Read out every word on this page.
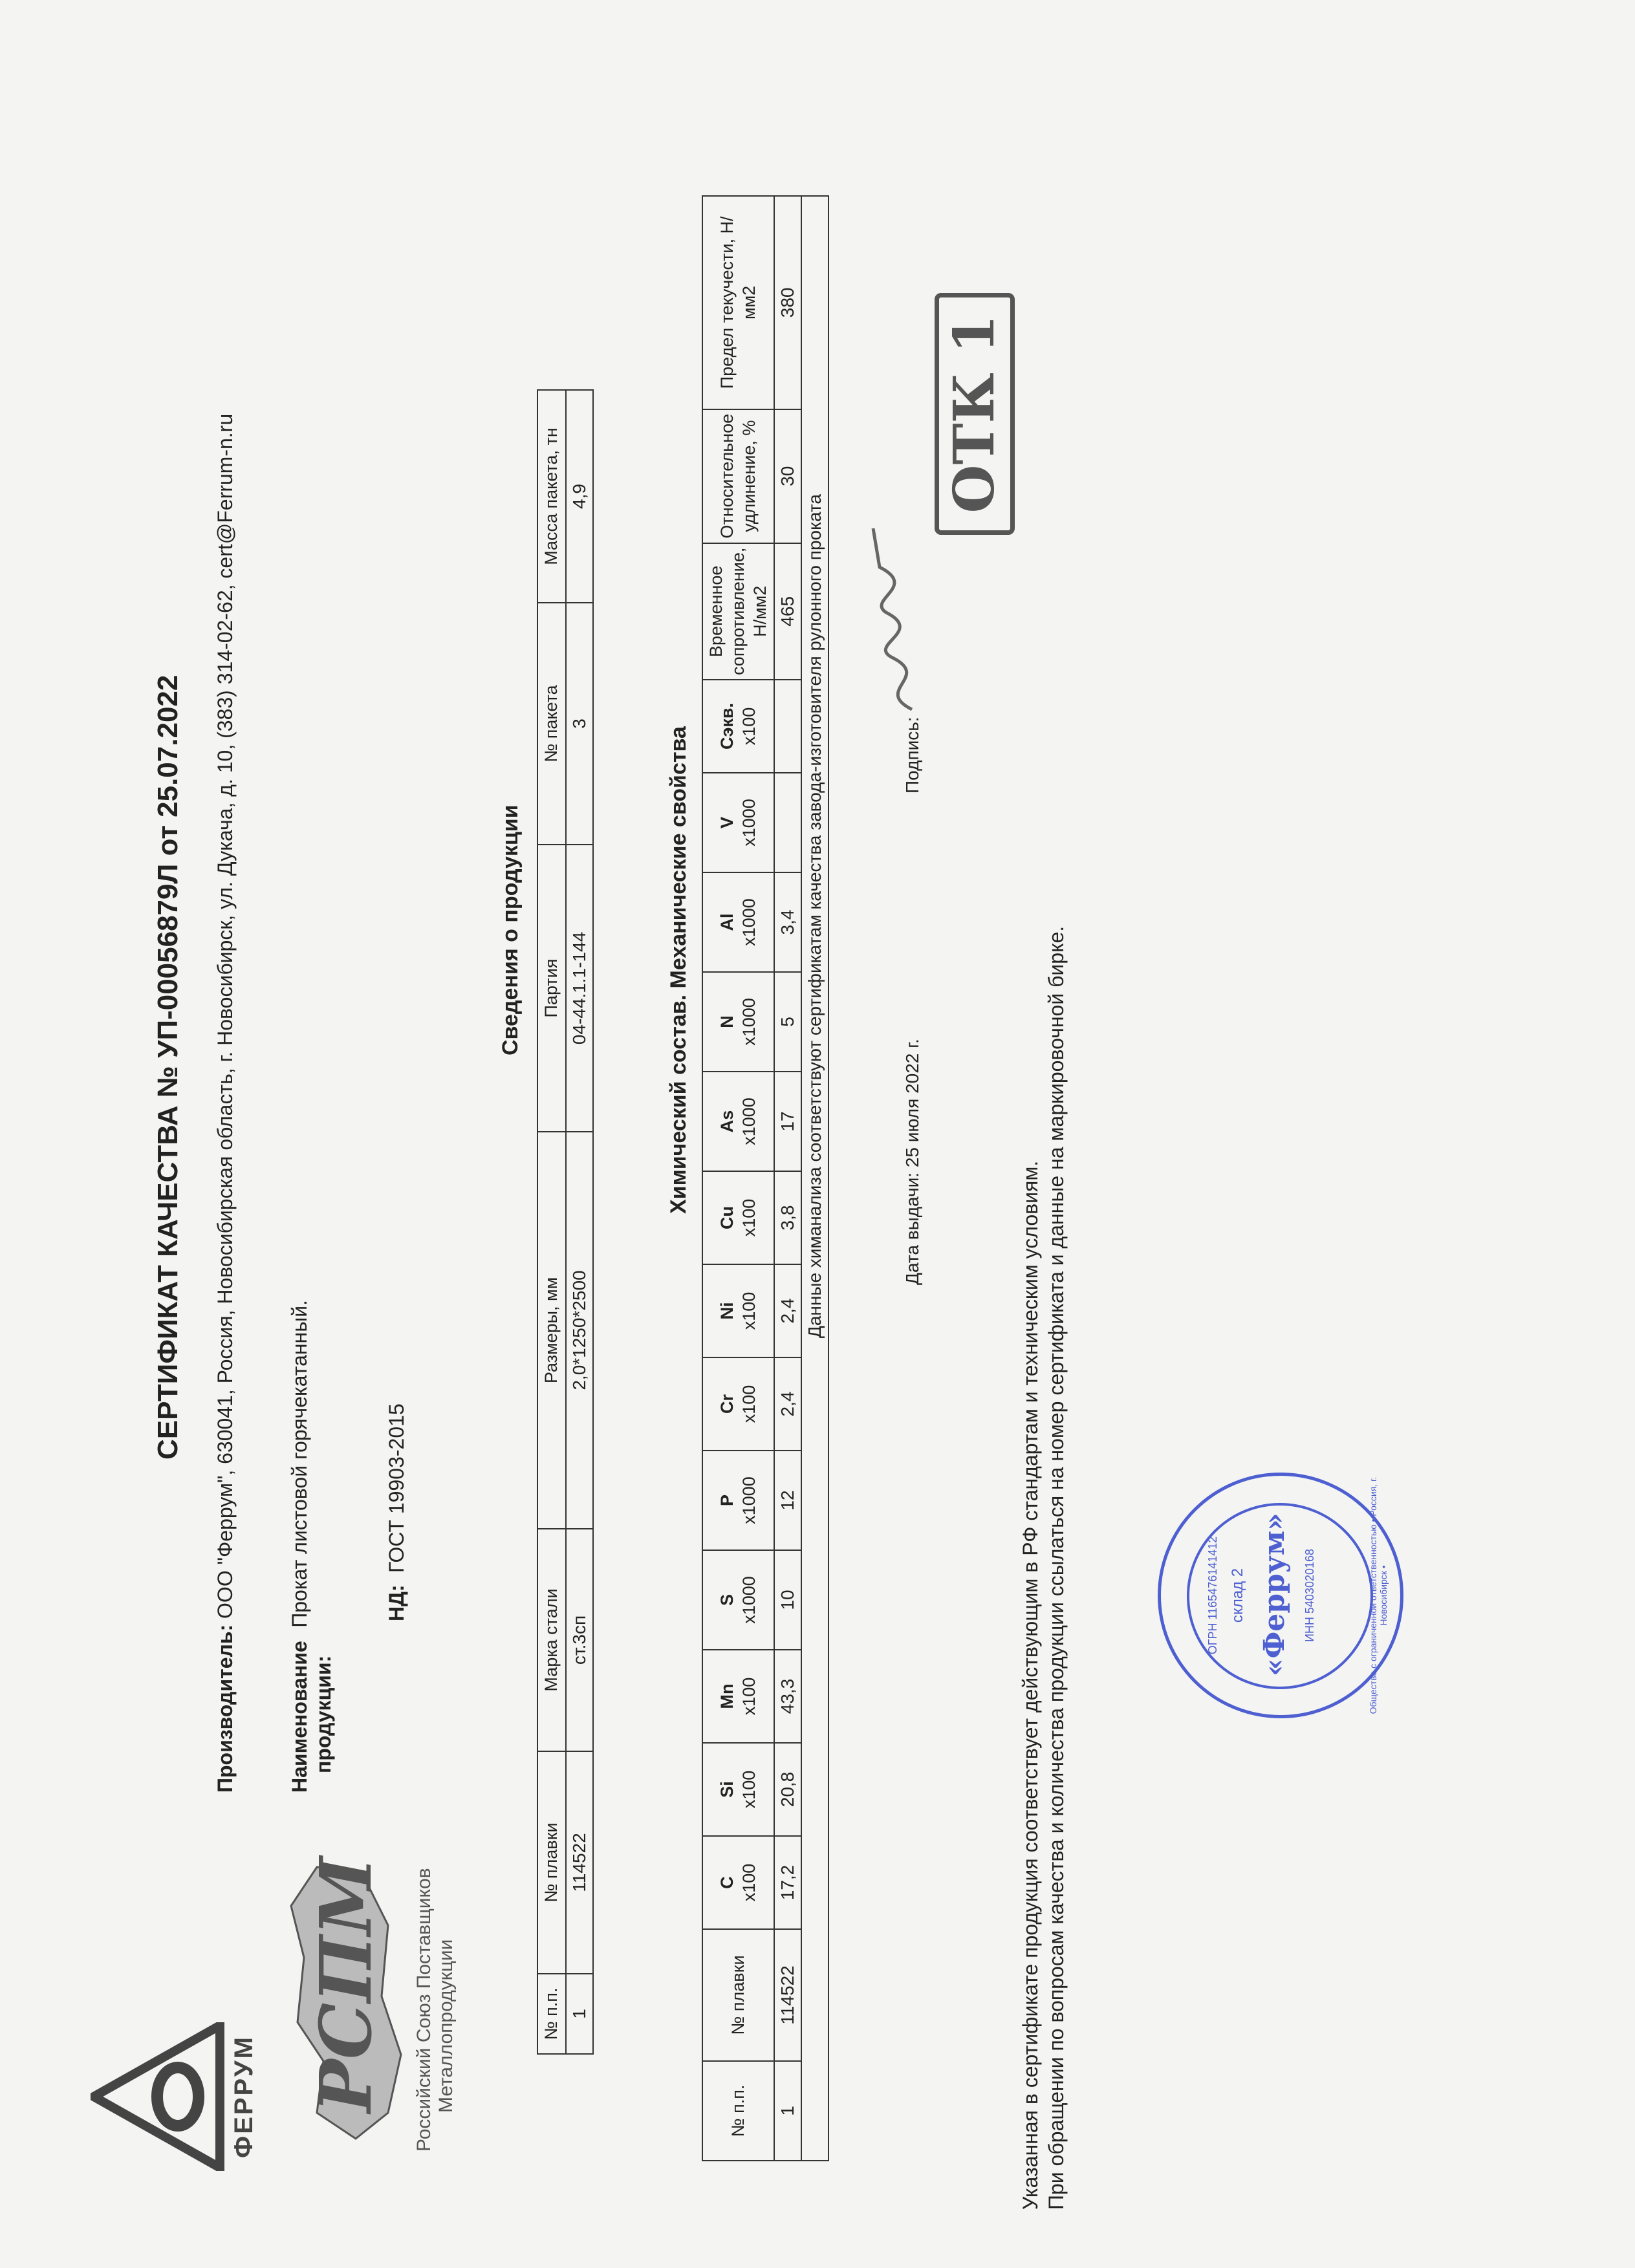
ФЕРРУМ РСПМ Российский Союз Поставщиков Металлопродукции
СЕРТИФИКАТ КАЧЕСТВА № УП-00056879Л от 25.07.2022
Производитель: ООО "Феррум", 630041, Россия, Новосибирская область, г. Новосибирск, ул. Дукача, д. 10, (383) 314-02-62, cert@Ferrum-n.ru
Наименование Прокат листовой горячекатанный.
продукции:
НД: ГОСТ 19903-2015
Сведения о продукции
№ п.п.	№ плавки	Марка стали	Размеры, мм	Партия	№ пакета	Масса пакета, тн
1	114522	ст.3сп	2,0*1250*2500	04-44.1.1-144	3	4,9
Химический состав. Механические свойства
№ п.п.	№ плавки	C x100	Si x100	Mn x100	S x1000	P x1000	Cr x100	Ni x100	Cu x100	As x1000	N x1000	Al x1000	V x1000	Сэкв. x100	Временное сопротивление, Н/мм2	Относительное удлинение, %	Предел текучести, Н/мм2
1	114522	17,2	20,8	43,3	10	12	2,4	2,4	3,8	17	5	3,4			465	30	380
Данные химанализа соответствуют сертификатам качества завода-изготовителя рулонного проката																		Дата выдачи: 25 июля 2022 г.
Подпись:
ОТК 1
Указанная в сертификате продукция соответствует действующим в РФ стандартам и техническим условиям. При обращении по вопросам качества и количества продукции ссылаться на номер сертификата и данные на маркировочной бирке.	«Феррум»
склад 2
ОГРН 1165476141412	ИНН 5403020168	Общество с ограниченной ответственностью • Россия, г. Новосибирск •
